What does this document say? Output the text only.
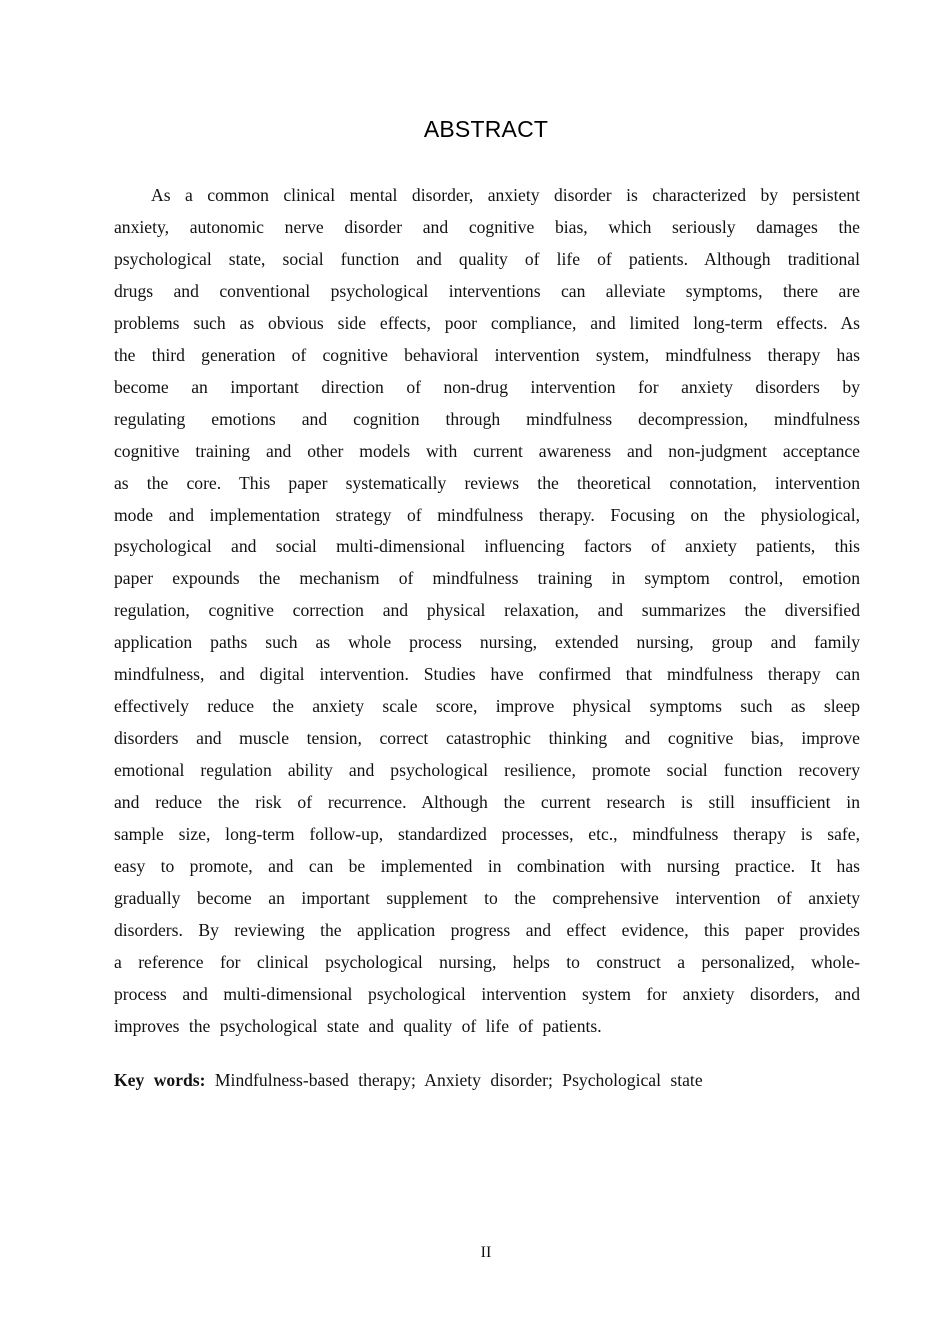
ABSTRACT
As a common clinical mental disorder, anxiety disorder is characterized by persistent
anxiety, autonomic nerve disorder and cognitive bias, which seriously damages the
psychological state, social function and quality of life of patients. Although traditional
drugs and conventional psychological interventions can alleviate symptoms, there are
problems such as obvious side effects, poor compliance, and limited long-term effects. As
the third generation of cognitive behavioral intervention system, mindfulness therapy has
become an important direction of non-drug intervention for anxiety disorders by
regulating emotions and cognition through mindfulness decompression, mindfulness
cognitive training and other models with current awareness and non-judgment acceptance
as the core. This paper systematically reviews the theoretical connotation, intervention
mode and implementation strategy of mindfulness therapy. Focusing on the physiological,
psychological and social multi-dimensional influencing factors of anxiety patients, this
paper expounds the mechanism of mindfulness training in symptom control, emotion
regulation, cognitive correction and physical relaxation, and summarizes the diversified
application paths such as whole process nursing, extended nursing, group and family
mindfulness, and digital intervention. Studies have confirmed that mindfulness therapy can
effectively reduce the anxiety scale score, improve physical symptoms such as sleep
disorders and muscle tension, correct catastrophic thinking and cognitive bias, improve
emotional regulation ability and psychological resilience, promote social function recovery
and reduce the risk of recurrence. Although the current research is still insufficient in
sample size, long-term follow-up, standardized processes, etc., mindfulness therapy is safe,
easy to promote, and can be implemented in combination with nursing practice. It has
gradually become an important supplement to the comprehensive intervention of anxiety
disorders. By reviewing the application progress and effect evidence, this paper provides
a reference for clinical psychological nursing, helps to construct a personalized, whole-
process and multi-dimensional psychological intervention system for anxiety disorders, and
improves the psychological state and quality of life of patients.
Key words: Mindfulness-based therapy; Anxiety disorder; Psychological state
II
